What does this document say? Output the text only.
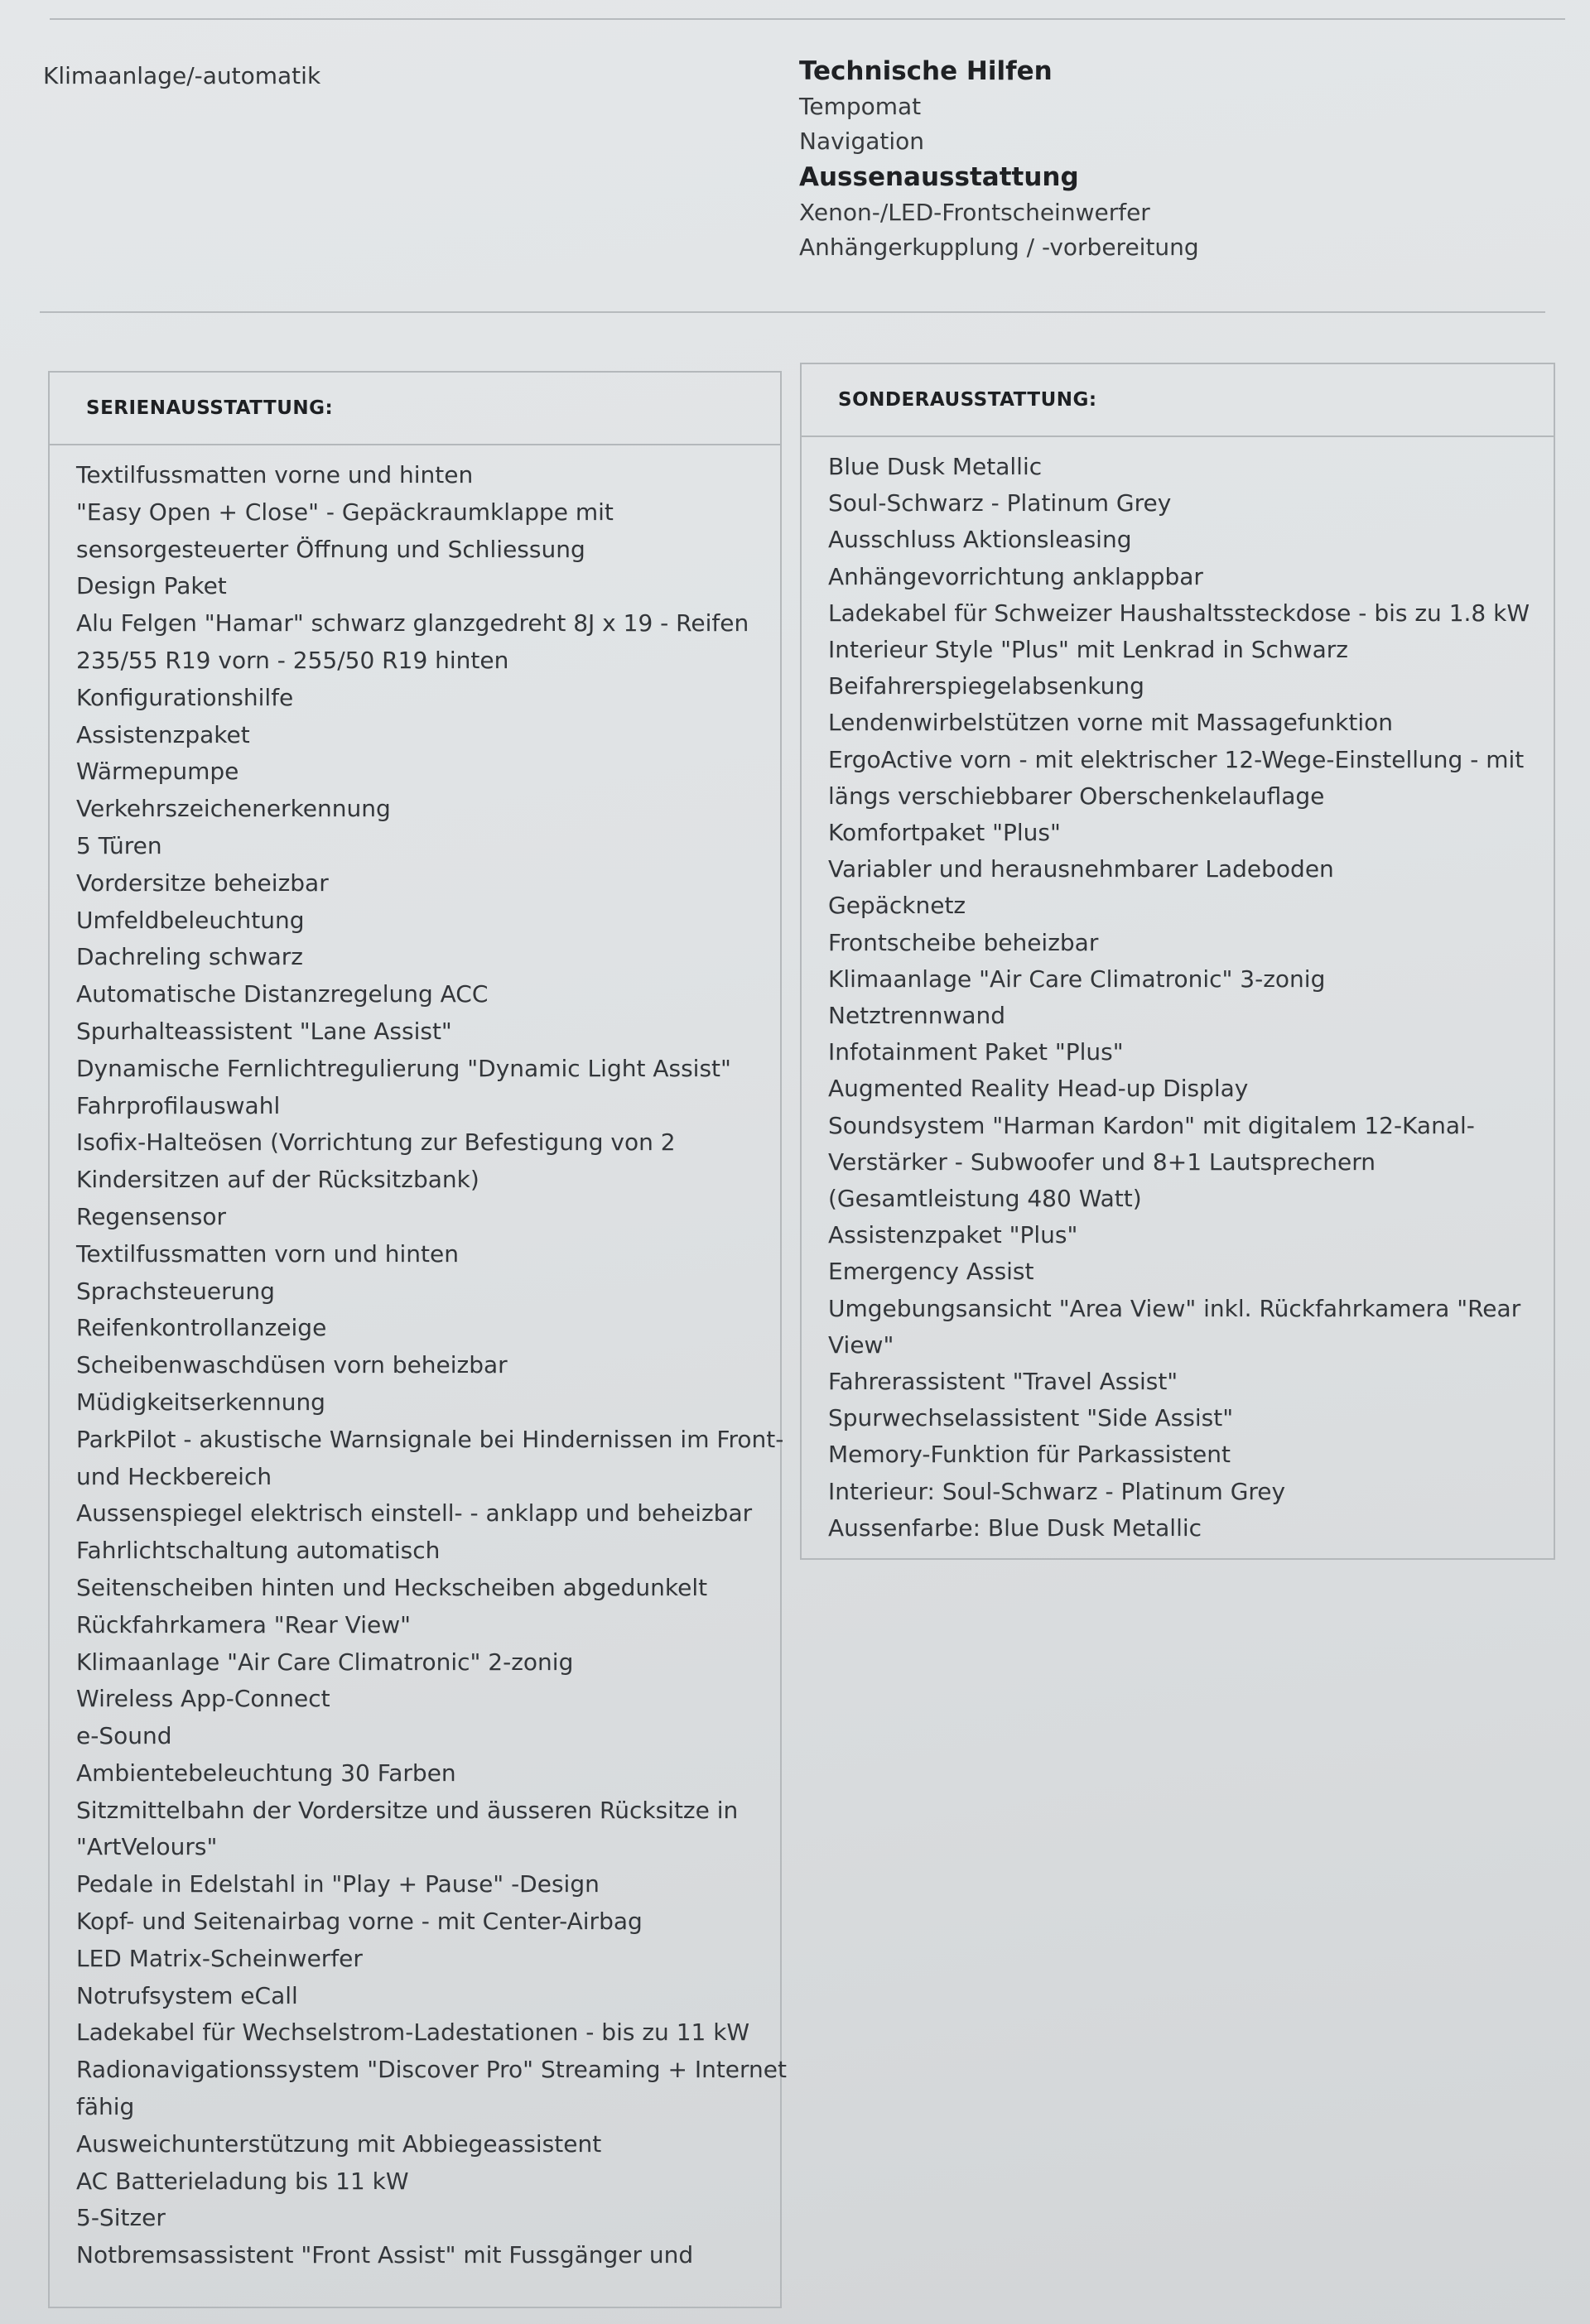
Klimaanlage/-automatik	Technische Hilfen
Tempomat
Navigation
Aussenausstattung
Xenon-/LED-Frontscheinwerfer
Anhängerkupplung / -vorbereitung
SERIENAUSSTATTUNG:
Textilfussmatten vorne und hinten
"Easy Open + Close" - Gepäckraumklappe mit
sensorgesteuerter Öffnung und Schliessung
Design Paket
Alu Felgen "Hamar" schwarz glanzgedreht 8J x 19 - Reifen
235/55 R19 vorn - 255/50 R19 hinten
Konfigurationshilfe
Assistenzpaket
Wärmepumpe
Verkehrszeichenerkennung
5 Türen
Vordersitze beheizbar
Umfeldbeleuchtung
Dachreling schwarz
Automatische Distanzregelung ACC
Spurhalteassistent "Lane Assist"
Dynamische Fernlichtregulierung "Dynamic Light Assist"
Fahrprofilauswahl
Isofix-Halteösen (Vorrichtung zur Befestigung von 2
Kindersitzen auf der Rücksitzbank)
Regensensor
Textilfussmatten vorn und hinten
Sprachsteuerung
Reifenkontrollanzeige
Scheibenwaschdüsen vorn beheizbar
Müdigkeitserkennung
ParkPilot - akustische Warnsignale bei Hindernissen im Front-
und Heckbereich
Aussenspiegel elektrisch einstell- - anklapp und beheizbar
Fahrlichtschaltung automatisch
Seitenscheiben hinten und Heckscheiben abgedunkelt
Rückfahrkamera "Rear View"
Klimaanlage "Air Care Climatronic" 2-zonig
Wireless App-Connect
e-Sound
Ambientebeleuchtung 30 Farben
Sitzmittelbahn der Vordersitze und äusseren Rücksitze in
"ArtVelours"
Pedale in Edelstahl in "Play + Pause" -Design
Kopf- und Seitenairbag vorne - mit Center-Airbag
LED Matrix-Scheinwerfer
Notrufsystem eCall
Ladekabel für Wechselstrom-Ladestationen - bis zu 11 kW
Radionavigationssystem "Discover Pro" Streaming + Internet
fähig
Ausweichunterstützung mit Abbiegeassistent
AC Batterieladung bis 11 kW
5-Sitzer
Notbremsassistent "Front Assist" mit Fussgänger und
SONDERAUSSTATTUNG:
Blue Dusk Metallic
Soul-Schwarz - Platinum Grey
Ausschluss Aktionsleasing
Anhängevorrichtung anklappbar
Ladekabel für Schweizer Haushaltssteckdose - bis zu 1.8 kW
Interieur Style "Plus" mit Lenkrad in Schwarz
Beifahrerspiegelabsenkung
Lendenwirbelstützen vorne mit Massagefunktion
ErgoActive vorn - mit elektrischer 12-Wege-Einstellung - mit
längs verschiebbarer Oberschenkelauflage
Komfortpaket "Plus"
Variabler und herausnehmbarer Ladeboden
Gepäcknetz
Frontscheibe beheizbar
Klimaanlage "Air Care Climatronic" 3-zonig
Netztrennwand
Infotainment Paket "Plus"
Augmented Reality Head-up Display
Soundsystem "Harman Kardon" mit digitalem 12-Kanal-
Verstärker - Subwoofer und 8+1 Lautsprechern
(Gesamtleistung 480 Watt)
Assistenzpaket "Plus"
Emergency Assist
Umgebungsansicht "Area View" inkl. Rückfahrkamera "Rear
View"
Fahrerassistent "Travel Assist"
Spurwechselassistent "Side Assist"
Memory-Funktion für Parkassistent
Interieur: Soul-Schwarz - Platinum Grey
Aussenfarbe: Blue Dusk Metallic
